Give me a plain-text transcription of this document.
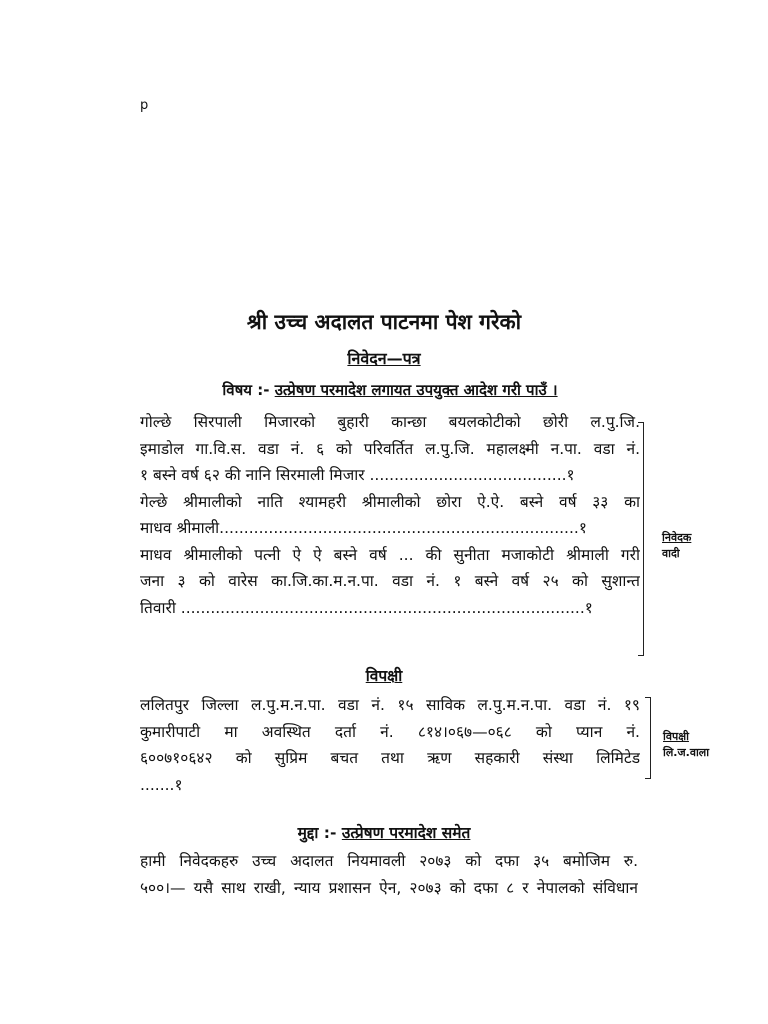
p
श्री उच्च अदालत पाटनमा पेश गरेको
निवेदन—पत्र
विषय :- उत्प्रेषण परमादेश लगायत उपयुक्त आदेश गरी पाउँ ।
गोल्छे सिरपाली मिजारको बुहारी कान्छा बयलकोटीको छोरी ल.पु.जि.
इमाडोल गा.वि.स. वडा नं. ६ को परिवर्तित ल.पु.जि. महालक्ष्मी न.पा. वडा नं.
१ बस्ने वर्ष ६२ की नानि सिरमाली मिजार ........................................१
गेल्छे श्रीमालीको नाति श्यामहरी श्रीमालीको छोरा ऐ.ऐ. बस्ने वर्ष ३३ का
माधव श्रीमाली.........................................................................१
माधव श्रीमालीको पत्नी ऐ ऐ बस्ने वर्ष ... की सुनीता मजाकोटी श्रीमाली गरी
जना ३ को वारेस का.जि.का.म.न.पा. वडा नं. १ बस्ने वर्ष २५ को सुशान्त
तिवारी ..................................................................................१
निवेदक
वादी
विपक्षी
ललितपुर जिल्ला ल.पु.म.न.पा. वडा नं. १५ साविक ल.पु.म.न.पा. वडा नं. १९
कुमारीपाटी मा अवस्थित दर्ता नं. ८१४।०६७—०६८ को प्यान नं.
६००७१०६४२ को सुप्रिम बचत तथा ऋण सहकारी संस्था लिमिटेड
.......१
विपक्षी
लि.ज.वाला
मुद्दा :- उत्प्रेषण परमादेश समेत
हामी निवेदकहरु उच्च अदालत नियमावली २०७३ को दफा ३५ बमोजिम रु.
५००।— यसै साथ राखी, न्याय प्रशासन ऐन, २०७३ को दफा ८ र नेपालको संविधान
